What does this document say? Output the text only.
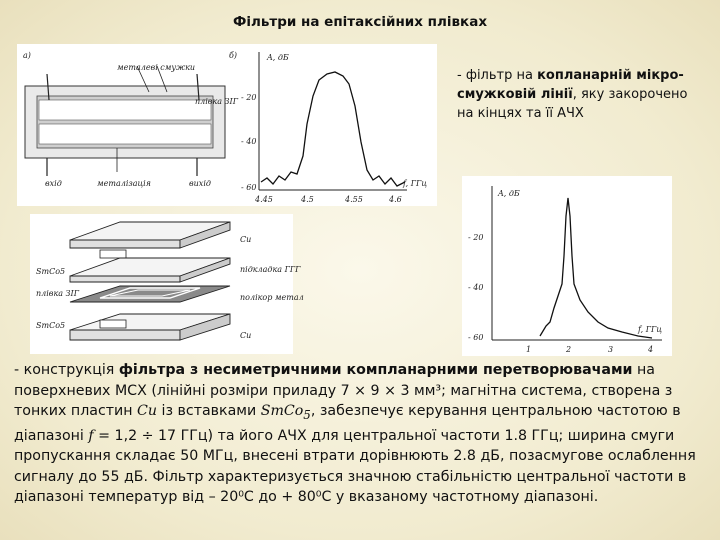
Фільтри на епітаксійних плівках
а)
металеві смужки
плівка ЗІГ
вхід	металізація	вихід
б)	A, дБ
f, ГГц
- 20
- 40
- 60
4.45	4.5	4.55	4.6
- фільтр на копланарній мікро-смужковій лінії, яку закорочено на кінцях та її АЧХ
SmCo5
плівка ЗІГ
SmCo5
Cu
підкладка ГГГ
полікор метал
Cu
A, дБ
f, ГГц
- 20
- 40
- 60
1	2	3	4
- конструкція фільтра з несиметричними компланарними перетворювачами на поверхневих МСХ (лінійні розміри приладу 7 × 9 × 3 мм³; магнітна система, створена з тонких пластин Cu із вставками SmCo$_5$, забезпечує керування центральною частотою в діапазоні f = 1,2 ÷ 17 ГГц) та його АЧХ для центральної частоти 1.8 ГГц; ширина смуги пропускання складає 50 МГц, внесені втрати дорівнюють 2.8 дБ, позасмугове ослаблення сигналу до 55 дБ. Фільтр характеризується значною стабільністю центральної частоти в діапазоні температур від – 20⁰С до + 80⁰С у вказаному частотному діапазоні.
